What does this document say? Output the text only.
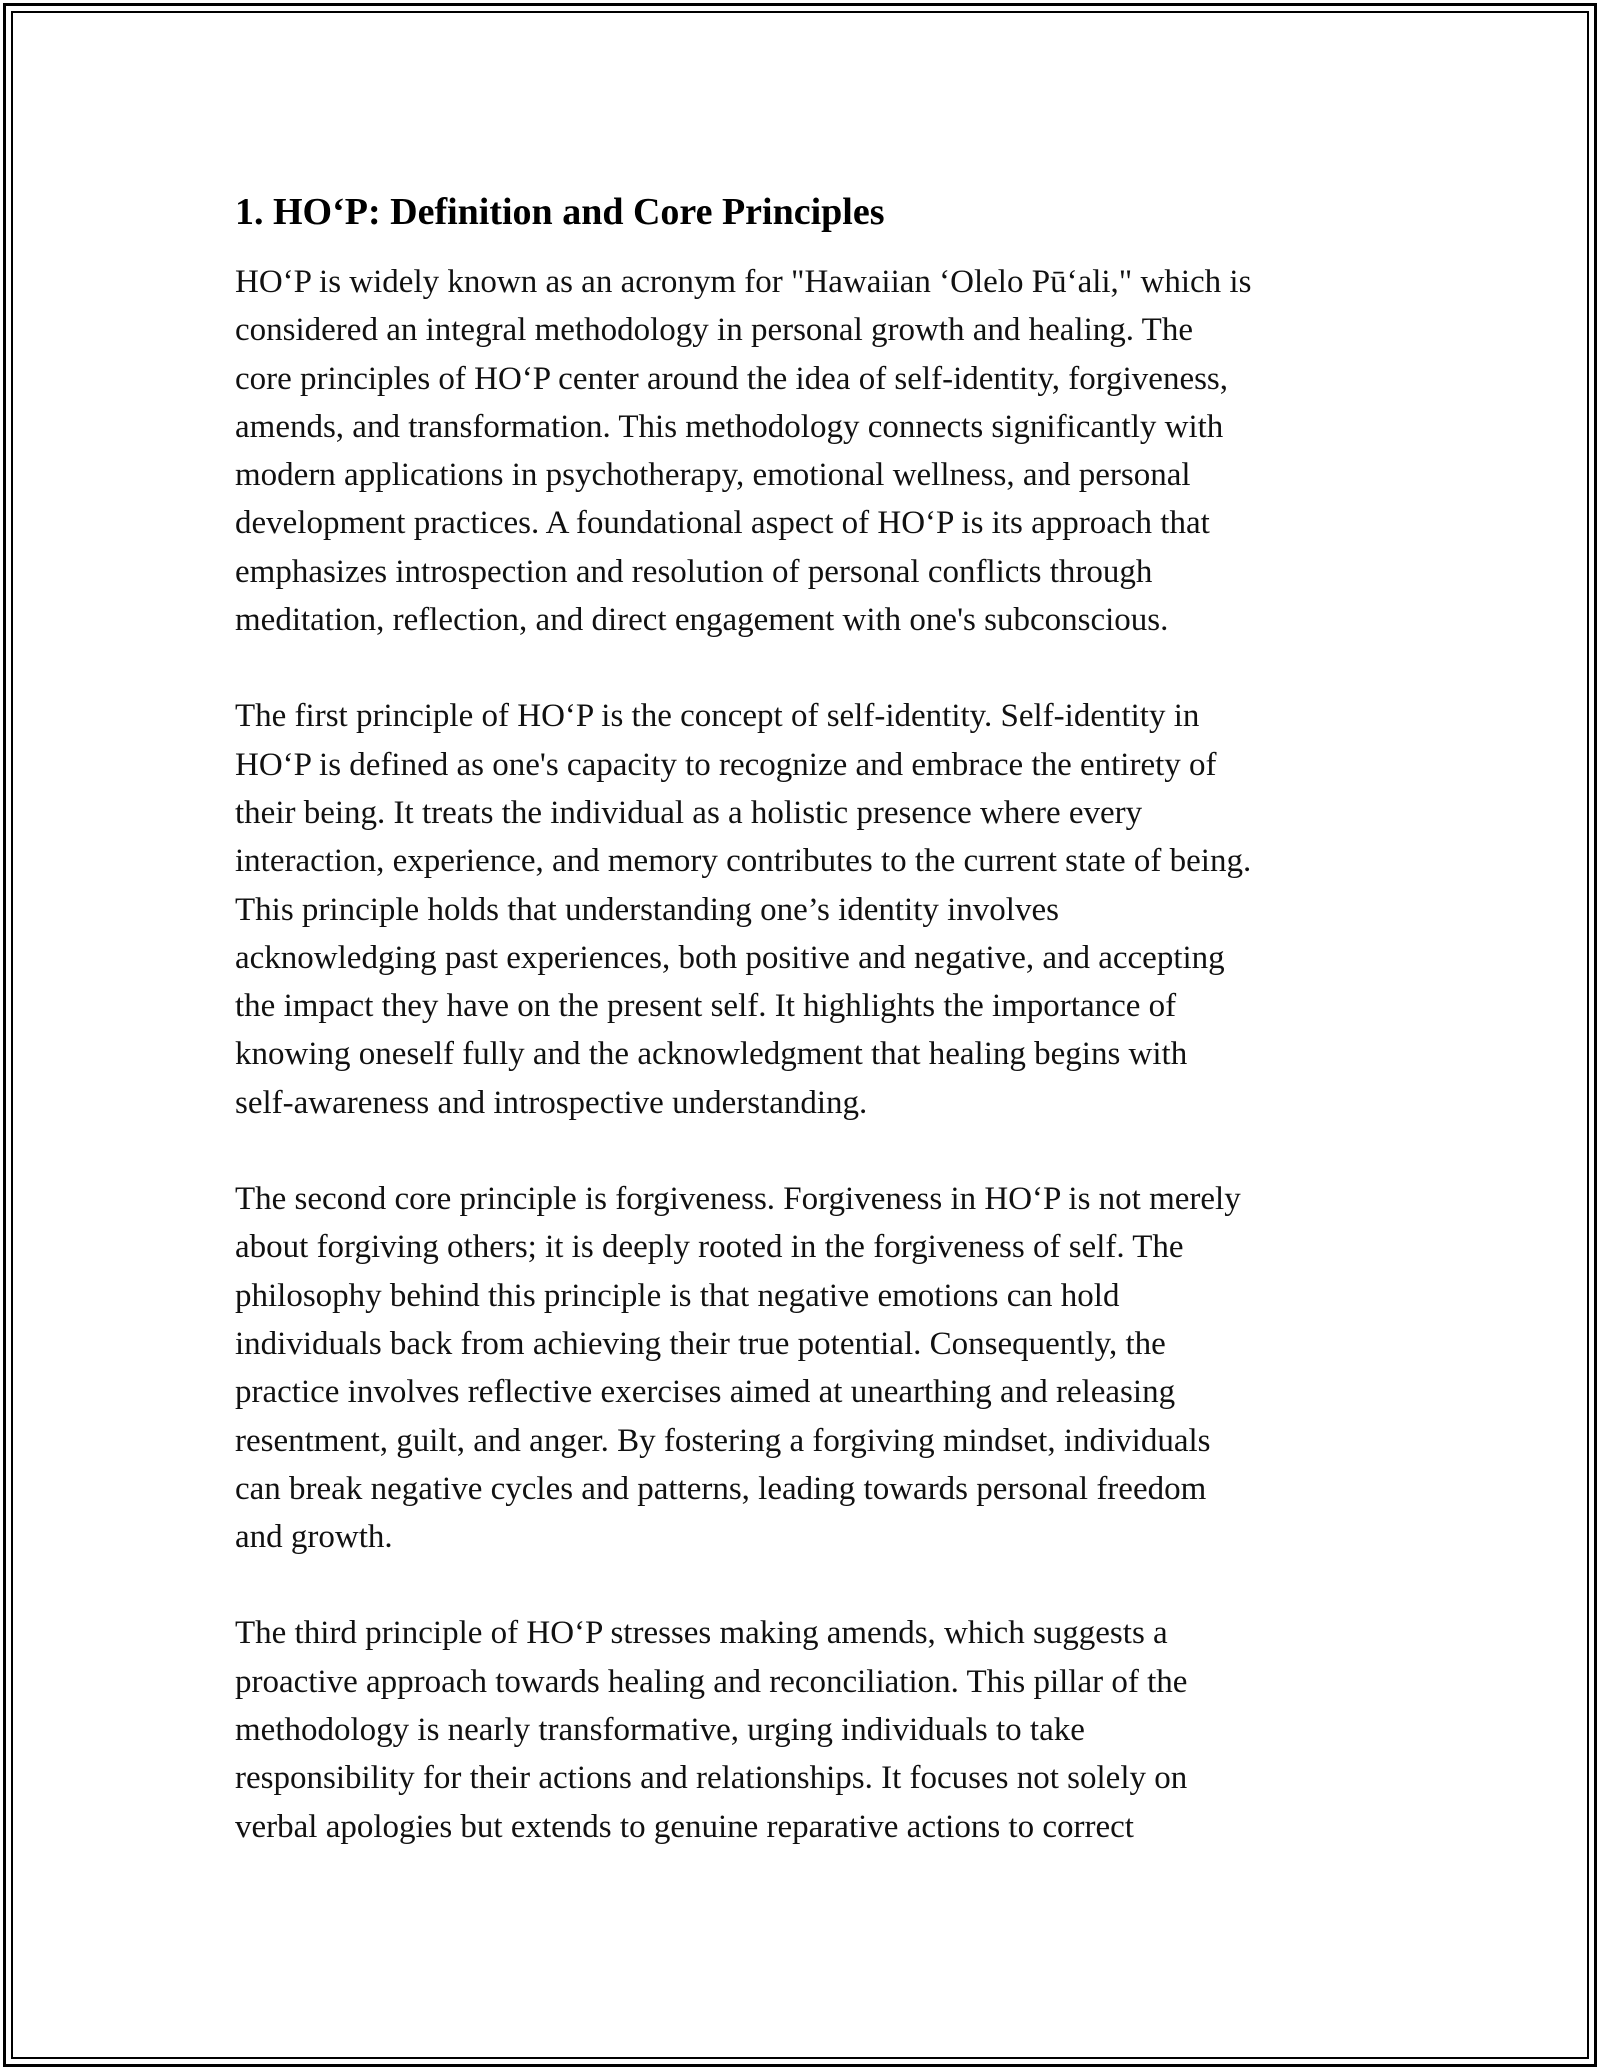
1. HO‘P: Definition and Core Principles

HO‘P is widely known as an acronym for "Hawaiian ‘Olelo Pū‘ali," which is
considered an integral methodology in personal growth and healing. The
core principles of HO‘P center around the idea of self-identity, forgiveness,
amends, and transformation. This methodology connects significantly with
modern applications in psychotherapy, emotional wellness, and personal
development practices. A foundational aspect of HO‘P is its approach that
emphasizes introspection and resolution of personal conflicts through
meditation, reflection, and direct engagement with one's subconscious.

The first principle of HO‘P is the concept of self-identity. Self-identity in
HO‘P is defined as one's capacity to recognize and embrace the entirety of
their being. It treats the individual as a holistic presence where every
interaction, experience, and memory contributes to the current state of being.
This principle holds that understanding one’s identity involves
acknowledging past experiences, both positive and negative, and accepting
the impact they have on the present self. It highlights the importance of
knowing oneself fully and the acknowledgment that healing begins with
self-awareness and introspective understanding.

The second core principle is forgiveness. Forgiveness in HO‘P is not merely
about forgiving others; it is deeply rooted in the forgiveness of self. The
philosophy behind this principle is that negative emotions can hold
individuals back from achieving their true potential. Consequently, the
practice involves reflective exercises aimed at unearthing and releasing
resentment, guilt, and anger. By fostering a forgiving mindset, individuals
can break negative cycles and patterns, leading towards personal freedom
and growth.

The third principle of HO‘P stresses making amends, which suggests a
proactive approach towards healing and reconciliation. This pillar of the
methodology is nearly transformative, urging individuals to take
responsibility for their actions and relationships. It focuses not solely on
verbal apologies but extends to genuine reparative actions to correct
